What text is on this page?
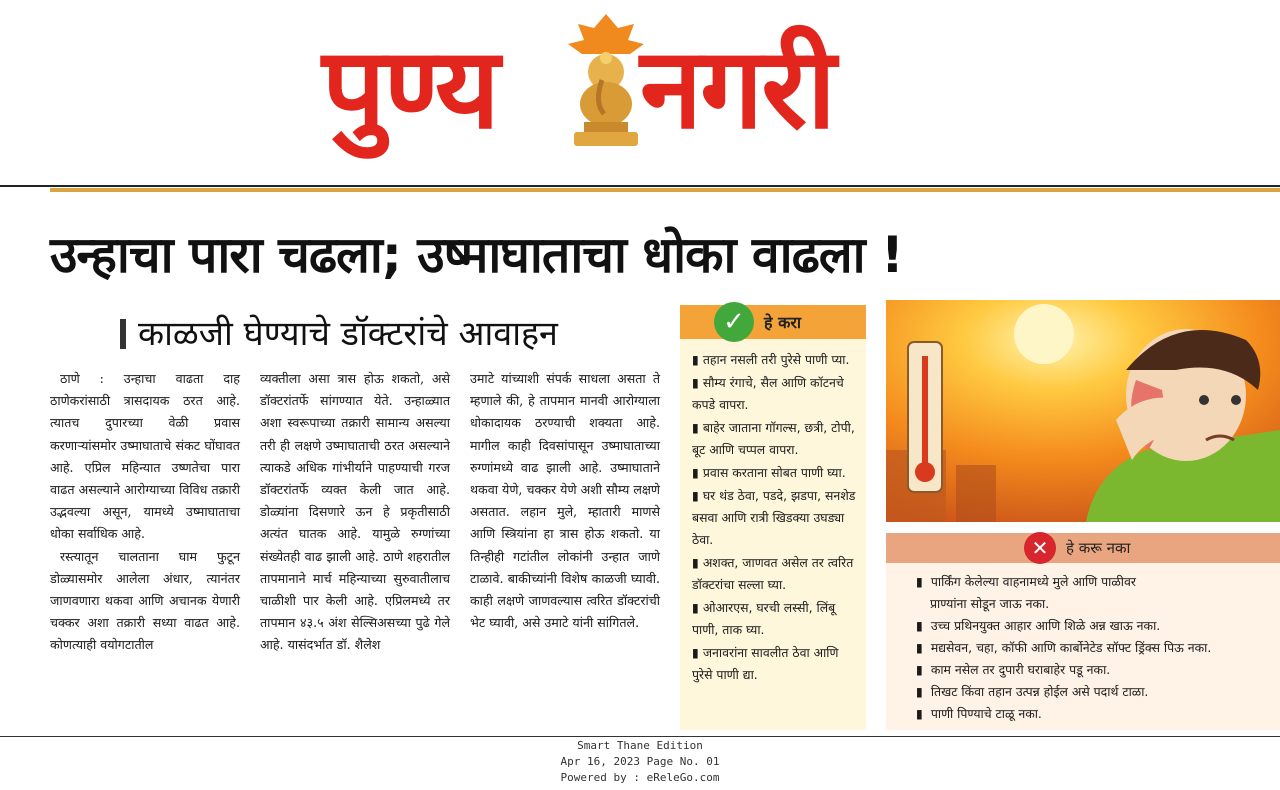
पुण्य नगरी
उन्हाचा पारा चढला; उष्माघाताचा धोका वाढला !
काळजी घेण्याचे डॉक्टरांचे आवाहन

ठाणे : उन्हाचा वाढता दाह ठाणेकरांसाठी त्रासदायक ठरत आहे. त्यातच दुपारच्या वेळी प्रवास करणाऱ्यांसमोर उष्माघाताचे संकट घोंघावत आहे. एप्रिल महिन्यात उष्णतेचा पारा वाढत असल्याने आरोग्याच्या विविध तक्रारी उद्भवल्या असून, यामध्ये उष्माघाताचा धोका सर्वाधिक आहे.

रस्त्यातून चालताना घाम फुटून डोळ्यासमोर आलेला अंधार, त्यानंतर जाणवणारा थकवा आणि अचानक येणारी चक्कर अशा तक्रारी सध्या वाढत आहे. कोणत्याही वयोगटातील

व्यक्तीला असा त्रास होऊ शकतो, असे डॉक्टरांतर्फे सांगण्यात येते. उन्हाळ्यात अशा स्वरूपाच्या तक्रारी सामान्य असल्या तरी ही लक्षणे उष्माघाताची ठरत असल्याने त्याकडे अधिक गांभीर्याने पाहण्याची गरज डॉक्टरांतर्फे व्यक्त केली जात आहे. डोळ्यांना दिसणारे ऊन हे प्रकृतीसाठी अत्यंत घातक आहे. यामुळे रुग्णांच्या संख्येतही वाढ झाली आहे. ठाणे शहरातील तापमानाने मार्च महिन्याच्या सुरुवातीलाच चाळीशी पार केली आहे. एप्रिलमध्ये तर तापमान ४३.५ अंश सेल्सिअसच्या पुढे गेले आहे. यासंदर्भात डॉ. शैलेश

उमाटे यांच्याशी संपर्क साधला असता ते म्हणाले की, हे तापमान मानवी आरोग्याला धोकादायक ठरण्याची शक्यता आहे. मागील काही दिवसांपासून उष्माघाताच्या रुग्णांमध्ये वाढ झाली आहे. उष्माघाताने थकवा येणे, चक्कर येणे अशी सौम्य लक्षणे असतात. लहान मुले, म्हातारी माणसे आणि स्त्रियांना हा त्रास होऊ शकतो. या तिन्हीही गटांतील लोकांनी उन्हात जाणे टाळावे. बाकीच्यांनी विशेष काळजी घ्यावी. काही लक्षणे जाणवल्यास त्वरित डॉक्टरांची भेट घ्यावी, असे उमाटे यांनी सांगितले.

✓	हे करा
▮ तहान नसली तरी पुरेसे पाणी प्या.
▮ सौम्य रंगाचे, सैल आणि कॉटनचे कपडे वापरा.
▮ बाहेर जाताना गॉगल्स, छत्री, टोपी, बूट आणि चप्पल वापरा.
▮ प्रवास करताना सोबत पाणी घ्या.
▮ घर थंड ठेवा, पडदे, झडपा, सनशेड बसवा आणि रात्री खिडक्या उघड्या ठेवा.
▮ अशक्त, जाणवत असेल तर त्वरित डॉक्टरांचा सल्ला घ्या.
▮ ओआरएस, घरची लस्सी, लिंबू पाणी, ताक घ्या.
▮ जनावरांना सावलीत ठेवा आणि पुरेसे पाणी द्या.
✕	हे करू नका
▮ पार्किंग केलेल्या वाहनामध्ये मुले आणि पाळीवर
प्राण्यांना सोडून जाऊ नका.
▮ उच्च प्रथिनयुक्त आहार आणि शिळे अन्न खाऊ नका.
▮ मद्यसेवन, चहा, कॉफी आणि कार्बोनेटेड सॉफ्ट ड्रिंक्स पिऊ नका.
▮ काम नसेल तर दुपारी घराबाहेर पडू नका.
▮ तिखट किंवा तहान उत्पन्न होईल असे पदार्थ टाळा.
▮ पाणी पिण्याचे टाळू नका.
Smart Thane Edition
Apr 16, 2023 Page No. 01
Powered by : eReleGo.com
